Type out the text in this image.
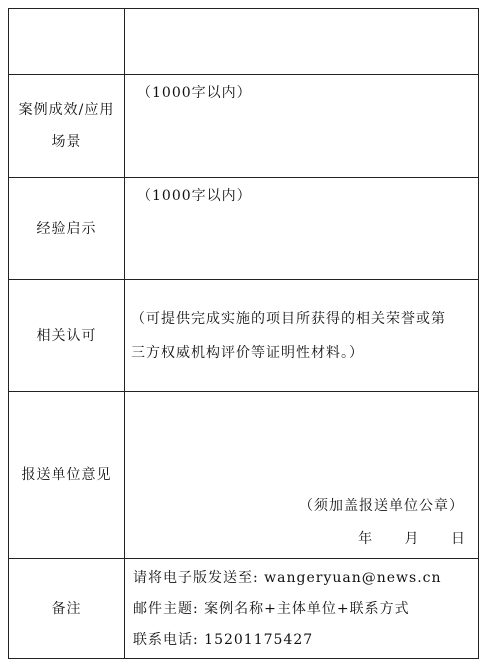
案例成效/应用
场景	（1000字以内）

经验启示	（1000字以内）

相关认可	（可提供完成实施的项目所获得的相关荣誉或第
三方权威机构评价等证明性材料。）

报送单位意见	（须加盖报送单位公章）
年 月 日

备注	请将电子版发送至: wangeryuan@news.cn
邮件主题: 案例名称+主体单位+联系方式
联系电话: 15201175427
